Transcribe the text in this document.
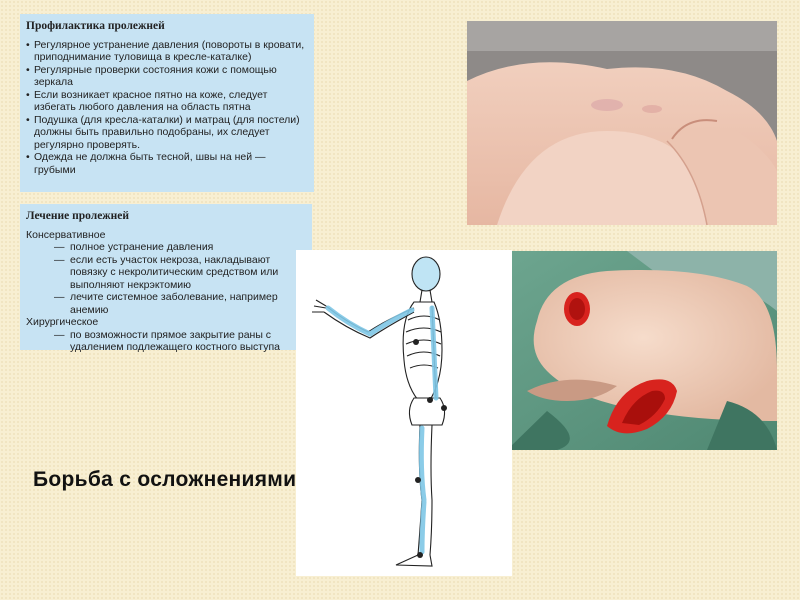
Профилактика пролежней
• Регулярное устранение давления (повороты в кровати, приподнимание туловища в кресле-каталке)
• Регулярные проверки состояния кожи с помощью зеркала
• Если возникает красное пятно на коже, следует избегать любого давления на область пятна
• Подушка (для кресла-каталки) и матрац (для постели) должны быть правильно подобраны, их следует регулярно проверять.
• Одежда не должна быть тесной, швы на ней — грубыми
Лечение пролежней
Консервативное
— полное устранение давления
— если есть участок некроза, накладывают повязку с некролитическим средством или выполняют некрэктомию
— лечите системное заболевание, например анемию
Хирургическое
— по возможности прямое закрытие раны с удалением подлежащего костного выступа
Борьба с осложнениями
